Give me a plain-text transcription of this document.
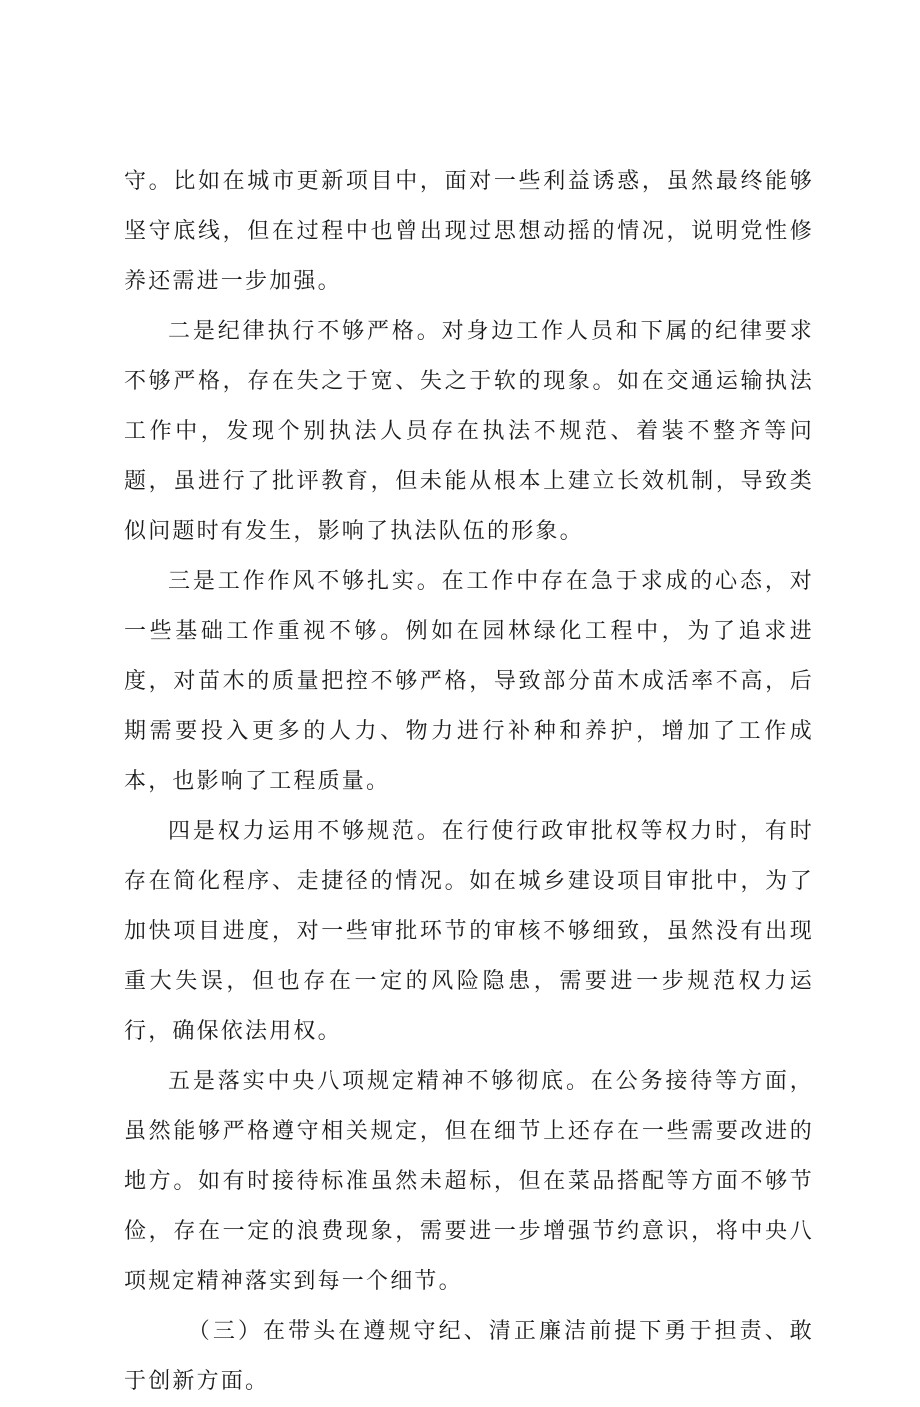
守。比如在城市更新项目中，面对一些利益诱惑，虽然最终能够坚守底线，但在过程中也曾出现过思想动摇的情况，说明党性修养还需进一步加强。

二是纪律执行不够严格。对身边工作人员和下属的纪律要求不够严格，存在失之于宽、失之于软的现象。如在交通运输执法工作中，发现个别执法人员存在执法不规范、着装不整齐等问题，虽进行了批评教育，但未能从根本上建立长效机制，导致类似问题时有发生，影响了执法队伍的形象。

三是工作作风不够扎实。在工作中存在急于求成的心态，对一些基础工作重视不够。例如在园林绿化工程中，为了追求进度，对苗木的质量把控不够严格，导致部分苗木成活率不高，后期需要投入更多的人力、物力进行补种和养护，增加了工作成本，也影响了工程质量。

四是权力运用不够规范。在行使行政审批权等权力时，有时存在简化程序、走捷径的情况。如在城乡建设项目审批中，为了加快项目进度，对一些审批环节的审核不够细致，虽然没有出现重大失误，但也存在一定的风险隐患，需要进一步规范权力运行，确保依法用权。

五是落实中央八项规定精神不够彻底。在公务接待等方面，虽然能够严格遵守相关规定，但在细节上还存在一些需要改进的地方。如有时接待标准虽然未超标，但在菜品搭配等方面不够节俭，存在一定的浪费现象，需要进一步增强节约意识，将中央八项规定精神落实到每一个细节。

（三）在带头在遵规守纪、清正廉洁前提下勇于担责、敢于创新方面。
